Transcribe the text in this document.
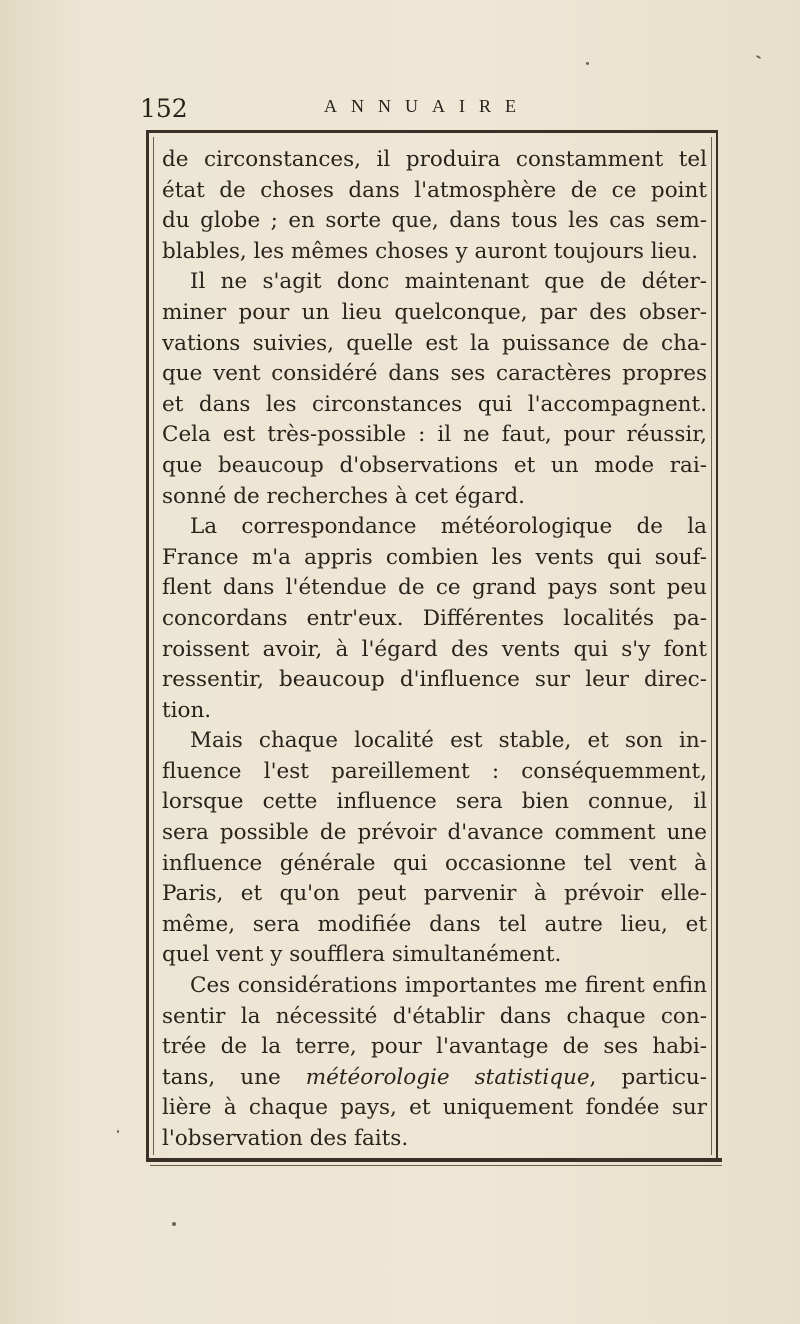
152	ANNUAIRE
de circonstances, il produira constamment tel
état de choses dans l'atmosphère de ce point
du globe ; en sorte que, dans tous les cas sem-
blables, les mêmes choses y auront toujours lieu.
Il ne s'agit donc maintenant que de déter-
miner pour un lieu quelconque, par des obser-
vations suivies, quelle est la puissance de cha-
que vent considéré dans ses caractères propres
et dans les circonstances qui l'accompagnent.
Cela est très-possible : il ne faut, pour réussir,
que beaucoup d'observations et un mode rai-
sonné de recherches à cet égard.
La correspondance météorologique de la
France m'a appris combien les vents qui souf-
flent dans l'étendue de ce grand pays sont peu
concordans entr'eux. Différentes localités pa-
roissent avoir, à l'égard des vents qui s'y font
ressentir, beaucoup d'influence sur leur direc-
tion.
Mais chaque localité est stable, et son in-
fluence l'est pareillement : conséquemment,
lorsque cette influence sera bien connue, il
sera possible de prévoir d'avance comment une
influence générale qui occasionne tel vent à
Paris, et qu'on peut parvenir à prévoir elle-
même, sera modifiée dans tel autre lieu, et
quel vent y soufflera simultanément.
Ces considérations importantes me firent enfin
sentir la nécessité d'établir dans chaque con-
trée de la terre, pour l'avantage de ses habi-
tans, une météorologie statistique, particu-
lière à chaque pays, et uniquement fondée sur
l'observation des faits.
